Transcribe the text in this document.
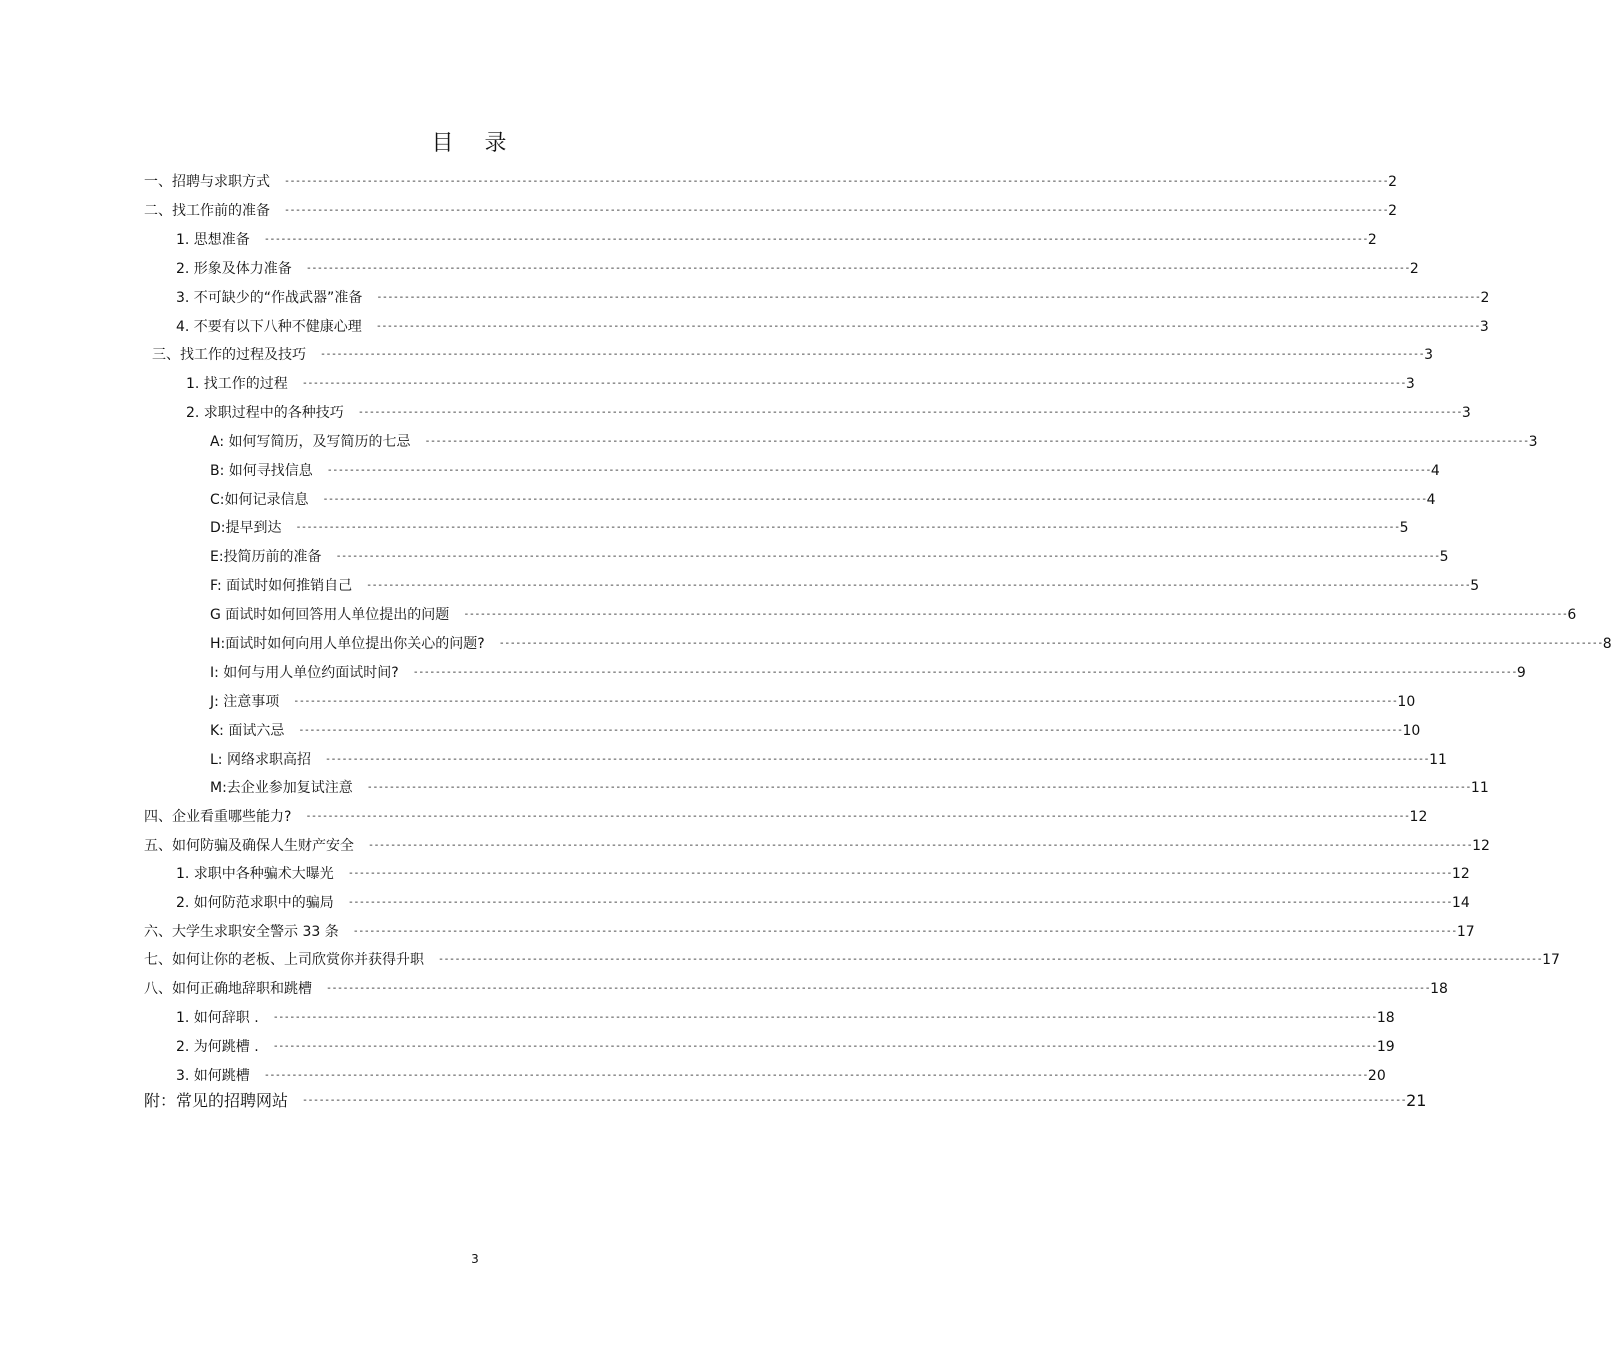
目 录
一、招聘与求职方式 -------------------------------------------------------------------------------------------------------------------------------------------------------------------------------------------------------- 2
二、找工作前的准备 -------------------------------------------------------------------------------------------------------------------------------------------------------------------------------------------------------- 2
1. 思想准备 -------------------------------------------------------------------------------------------------------------------------------------------------------------------------------------------------------- 2
2. 形象及体力准备 -------------------------------------------------------------------------------------------------------------------------------------------------------------------------------------------------------- 2
3. 不可缺少的“作战武器”准备 -------------------------------------------------------------------------------------------------------------------------------------------------------------------------------------------------------- 2
4. 不要有以下八种不健康心理 -------------------------------------------------------------------------------------------------------------------------------------------------------------------------------------------------------- 3
三、找工作的过程及技巧 -------------------------------------------------------------------------------------------------------------------------------------------------------------------------------------------------------- 3
1. 找工作的过程 -------------------------------------------------------------------------------------------------------------------------------------------------------------------------------------------------------- 3
2. 求职过程中的各种技巧 -------------------------------------------------------------------------------------------------------------------------------------------------------------------------------------------------------- 3
A: 如何写简历，及写简历的七忌 -------------------------------------------------------------------------------------------------------------------------------------------------------------------------------------------------------- 3
B: 如何寻找信息 -------------------------------------------------------------------------------------------------------------------------------------------------------------------------------------------------------- 4
C:如何记录信息 -------------------------------------------------------------------------------------------------------------------------------------------------------------------------------------------------------- 4
D:提早到达 -------------------------------------------------------------------------------------------------------------------------------------------------------------------------------------------------------- 5
E:投简历前的准备 -------------------------------------------------------------------------------------------------------------------------------------------------------------------------------------------------------- 5
F: 面试时如何推销自己 -------------------------------------------------------------------------------------------------------------------------------------------------------------------------------------------------------- 5
G 面试时如何回答用人单位提出的问题 -------------------------------------------------------------------------------------------------------------------------------------------------------------------------------------------------------- 6
H:面试时如何向用人单位提出你关心的问题? -------------------------------------------------------------------------------------------------------------------------------------------------------------------------------------------------------- 8
I: 如何与用人单位约面试时间? -------------------------------------------------------------------------------------------------------------------------------------------------------------------------------------------------------- 9
J: 注意事项 -------------------------------------------------------------------------------------------------------------------------------------------------------------------------------------------------------- 10
K: 面试六忌 -------------------------------------------------------------------------------------------------------------------------------------------------------------------------------------------------------- 10
L: 网络求职高招 -------------------------------------------------------------------------------------------------------------------------------------------------------------------------------------------------------- 11
M:去企业参加复试注意 -------------------------------------------------------------------------------------------------------------------------------------------------------------------------------------------------------- 11
四、企业看重哪些能力? -------------------------------------------------------------------------------------------------------------------------------------------------------------------------------------------------------- 12
五、如何防骗及确保人生财产安全 -------------------------------------------------------------------------------------------------------------------------------------------------------------------------------------------------------- 12
1. 求职中各种骗术大曝光 -------------------------------------------------------------------------------------------------------------------------------------------------------------------------------------------------------- 12
2. 如何防范求职中的骗局 -------------------------------------------------------------------------------------------------------------------------------------------------------------------------------------------------------- 14
六、大学生求职安全警示 33 条 -------------------------------------------------------------------------------------------------------------------------------------------------------------------------------------------------------- 17
七、如何让你的老板、上司欣赏你并获得升职 -------------------------------------------------------------------------------------------------------------------------------------------------------------------------------------------------------- 17
八、如何正确地辞职和跳槽 -------------------------------------------------------------------------------------------------------------------------------------------------------------------------------------------------------- 18
1. 如何辞职 . -------------------------------------------------------------------------------------------------------------------------------------------------------------------------------------------------------- 18
2. 为何跳槽 . -------------------------------------------------------------------------------------------------------------------------------------------------------------------------------------------------------- 19
3. 如何跳槽 -------------------------------------------------------------------------------------------------------------------------------------------------------------------------------------------------------- 20
附：常见的招聘网站 -------------------------------------------------------------------------------------------------------------------------------------------------------------------------------------------------------- 21
3
